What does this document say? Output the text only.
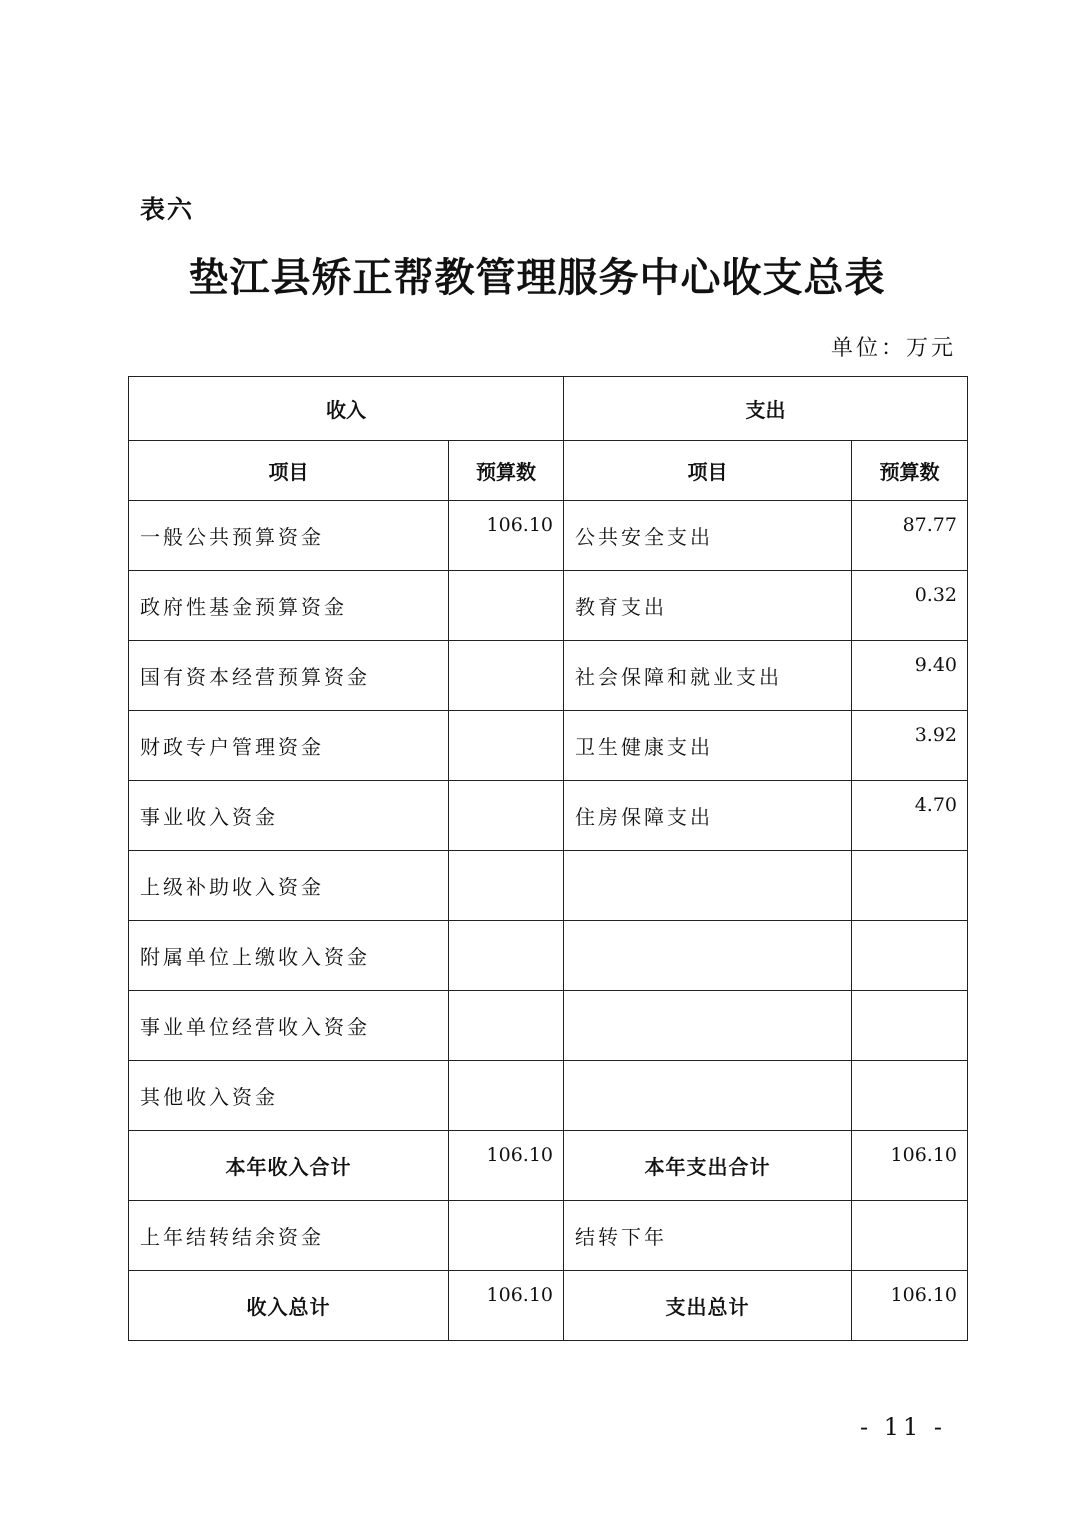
表六
垫江县矫正帮教管理服务中心收支总表
单位：万元
收入		支出	
项目	预算数	项目	预算数
一般公共预算资金	106.10	公共安全支出	87.77
政府性基金预算资金		教育支出	0.32
国有资本经营预算资金		社会保障和就业支出	9.40
财政专户管理资金		卫生健康支出	3.92
事业收入资金		住房保障支出	4.70
上级补助收入资金			
附属单位上缴收入资金			
事业单位经营收入资金			
其他收入资金			
本年收入合计	106.10	本年支出合计	106.10
上年结转结余资金		结转下年	
收入总计	106.10	支出总计	106.10
- 11 -
